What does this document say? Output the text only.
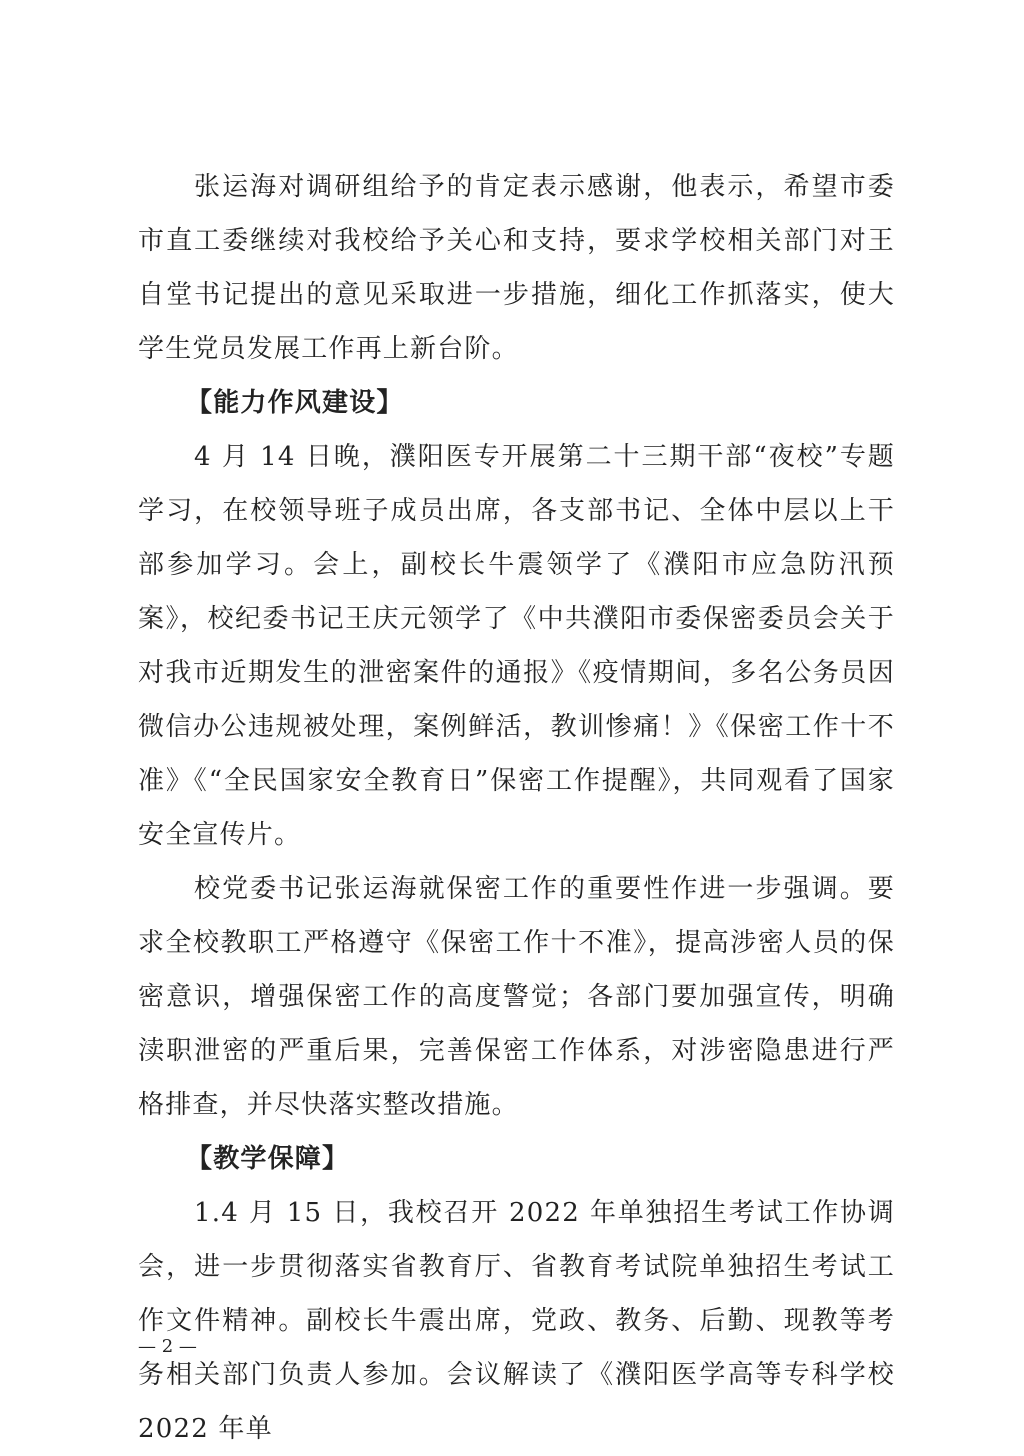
张运海对调研组给予的肯定表示感谢，他表示，希望市委市直工委继续对我校给予关心和支持，要求学校相关部门对王自堂书记提出的意见采取进一步措施，细化工作抓落实，使大学生党员发展工作再上新台阶。

【能力作风建设】

4 月 14 日晚，濮阳医专开展第二十三期干部“夜校”专题学习，在校领导班子成员出席，各支部书记、全体中层以上干部参加学习。会上，副校长牛震领学了《濮阳市应急防汛预案》，校纪委书记王庆元领学了《中共濮阳市委保密委员会关于对我市近期发生的泄密案件的通报》《疫情期间，多名公务员因微信办公违规被处理，案例鲜活，教训惨痛！》《保密工作十不准》《“全民国家安全教育日”保密工作提醒》，共同观看了国家安全宣传片。

校党委书记张运海就保密工作的重要性作进一步强调。要求全校教职工严格遵守《保密工作十不准》，提高涉密人员的保密意识，增强保密工作的高度警觉；各部门要加强宣传，明确渎职泄密的严重后果，完善保密工作体系，对涉密隐患进行严格排查，并尽快落实整改措施。

【教学保障】

1.4 月 15 日，我校召开 2022 年单独招生考试工作协调会，进一步贯彻落实省教育厅、省教育考试院单独招生考试工作文件精神。副校长牛震出席，党政、教务、后勤、现教等考务相关部门负责人参加。会议解读了《濮阳医学高等专科学校 2022 年单

— 2 —
